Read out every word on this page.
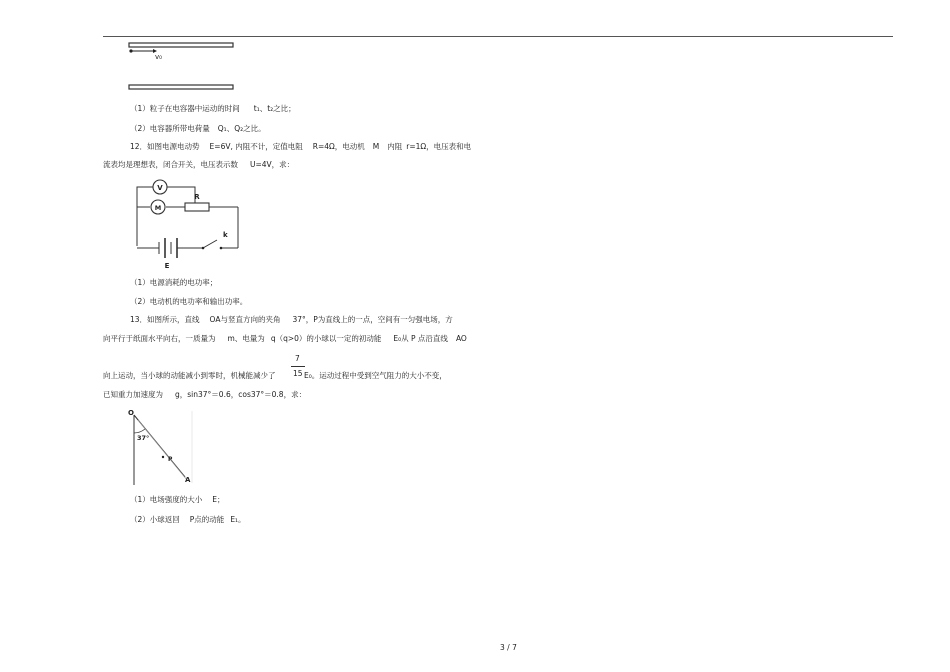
v₀
（1）粒子在电容器中运动的时间 t₁、t₂之比；
（2）电容器所带电荷量 Q₁、Q₂之比。
12．如图电源电动势 E=6V, 内阻不计，定值电阻 R=4Ω，电动机 M 内阻 r=1Ω，电压表和电
流表均是理想表，闭合开关，电压表示数 U=4V，求：
V
M
R
k
E
（1）电源消耗的电功率；
（2）电动机的电功率和输出功率。
13．如图所示，直线 OA与竖直方向的夹角 37°，P为直线上的一点，空间有一匀强电场，方
向平行于纸面水平向右，一质量为 m、电量为 q（q>0）的小球以一定的初动能 E₀从 P 点沿直线 AO
7
15
向上运动，当小球的动能减小到零时，机械能减少了	E₀。运动过程中受到空气阻力的大小不变，
已知重力加速度为 g，sin37°＝0.6，cos37°＝0.8，求：
O
37°
P
A
（1）电场强度的大小 E；
（2）小球返回 P点的动能 E₁。
3 / 7
